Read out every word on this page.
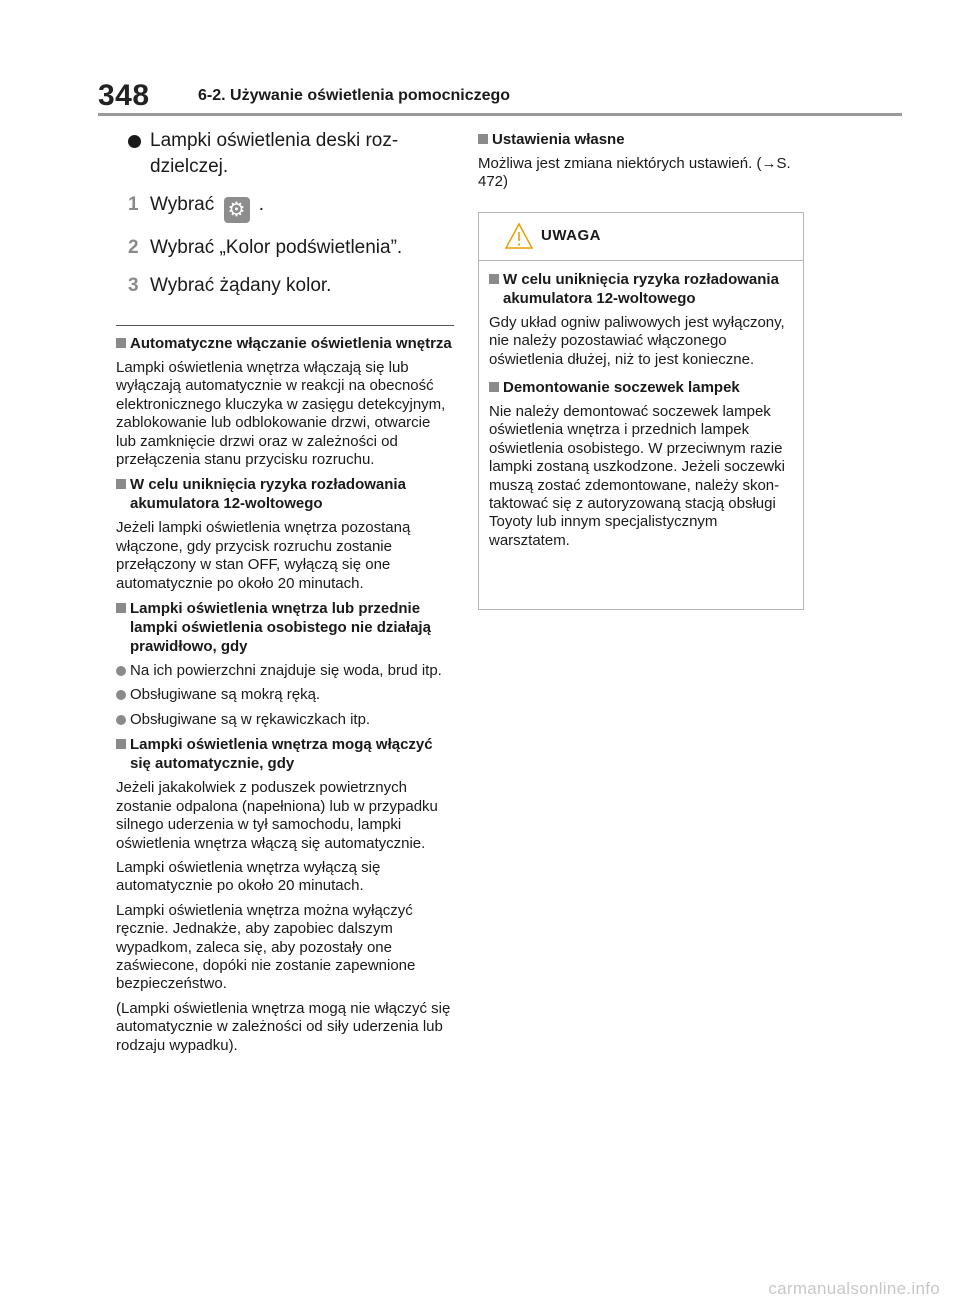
348	6-2. Używanie oświetlenia pomocniczego
Lampki oświetlenia deski rozdzielczej.
1 Wybrać ⚙ .
2 Wybrać „Kolor podświetlenia”.
3 Wybrać żądany kolor.
Automatyczne włączanie oświetlenia wnętrza
Lampki oświetlenia wnętrza włączają się lub wyłączają automatycznie w reakcji na obecność elektronicznego kluczyka w zasięgu detekcyjnym, zablokowanie lub odblokowanie drzwi, otwarcie lub zamknięcie drzwi oraz w zależności od przełączenia stanu przycisku rozruchu.
W celu uniknięcia ryzyka rozładowania akumulatora 12-woltowego
Jeżeli lampki oświetlenia wnętrza pozostaną włączone, gdy przycisk rozruchu zostanie przełączony w stan OFF, wyłączą się one automatycznie po około 20 minutach.
Lampki oświetlenia wnętrza lub przednie lampki oświetlenia osobistego nie działają prawidłowo, gdy
Na ich powierzchni znajduje się woda, brud itp.
Obsługiwane są mokrą ręką.
Obsługiwane są w rękawiczkach itp.
Lampki oświetlenia wnętrza mogą włączyć się automatycznie, gdy
Jeżeli jakakolwiek z poduszek powietrznych zostanie odpalona (napełniona) lub w przypadku silnego uderzenia w tył samochodu, lampki oświetlenia wnętrza włączą się automatycznie.
Lampki oświetlenia wnętrza wyłączą się automatycznie po około 20 minutach.
Lampki oświetlenia wnętrza można wyłączyć ręcznie. Jednakże, aby zapobiec dalszym wypadkom, zaleca się, aby pozostały one zaświecone, dopóki nie zostanie zapewnione bezpieczeństwo.
(Lampki oświetlenia wnętrza mogą nie włączyć się automatycznie w zależności od siły uderzenia lub rodzaju wypadku).
Ustawienia własne
Możliwa jest zmiana niektórych ustawień. (→S. 472)
UWAGA
W celu uniknięcia ryzyka rozładowania akumulatora 12-woltowego
Gdy układ ogniw paliwowych jest wyłączony, nie należy pozostawiać włączonego oświetlenia dłużej, niż to jest konieczne.
Demontowanie soczewek lampek
Nie należy demontować soczewek lampek oświetlenia wnętrza i przednich lampek oświetlenia osobistego. W przeciwnym razie lampki zostaną uszkodzone. Jeżeli soczewki muszą zostać zdemontowane, należy skontaktować się z autoryzowaną stacją obsługi Toyoty lub innym specjalistycznym warsztatem.
carmanualsonline.info
